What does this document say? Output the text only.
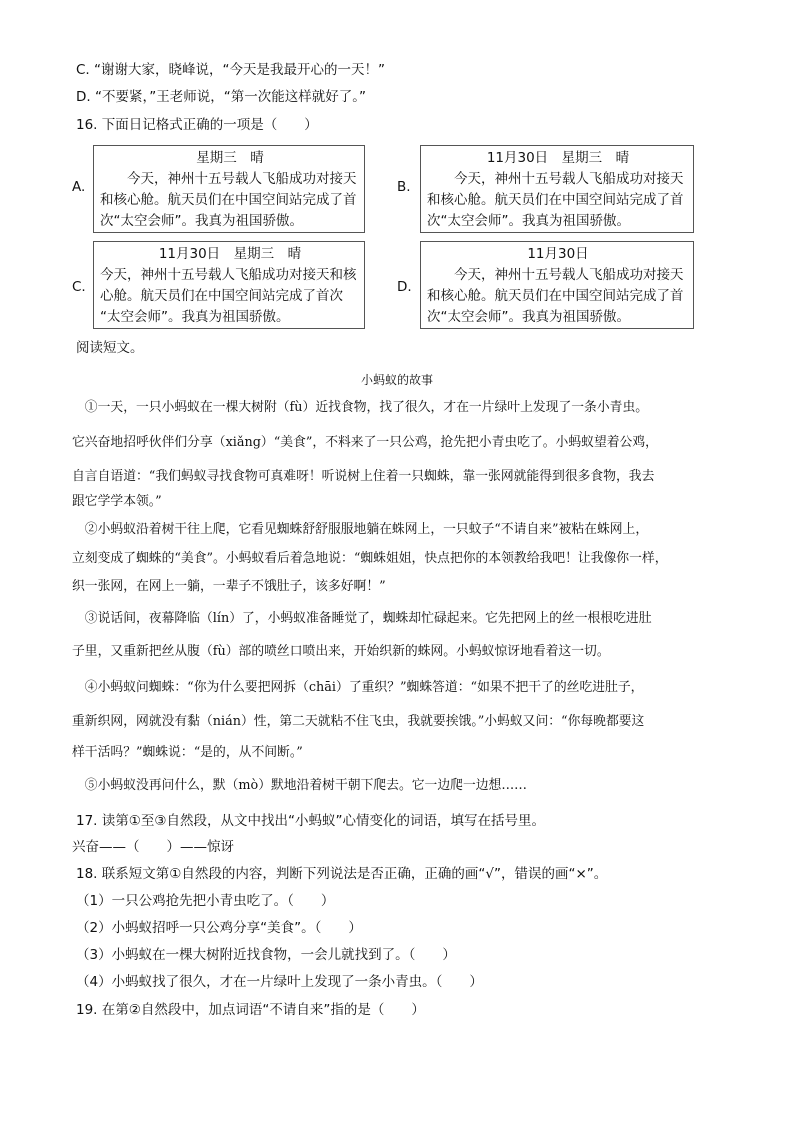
C. “谢谢大家，晓峰说，“今天是我最开心的一天！”
D. “不要紧，”王老师说，“第一次能这样就好了。”
16. 下面日记格式正确的一项是（　　）
A.
星期三　晴
　　今天，神州十五号载人飞船成功对接天
和核心舱。航天员们在中国空间站完成了首
次“太空会师”。我真为祖国骄傲。
B.
11月30日　星期三　晴
　　今天，神州十五号载人飞船成功对接天
和核心舱。航天员们在中国空间站完成了首
次“太空会师”。我真为祖国骄傲。
C.
11月30日　星期三　晴
今天，神州十五号载人飞船成功对接天和核
心舱。航天员们在中国空间站完成了首次
“太空会师”。我真为祖国骄傲。
D.
11月30日
　　今天，神州十五号载人飞船成功对接天
和核心舱。航天员们在中国空间站完成了首
次“太空会师”。我真为祖国骄傲。
阅读短文。
小蚂蚁的故事
　①一天，一只小蚂蚁在一棵大树附（fù）近找食物，找了很久，才在一片绿叶上发现了一条小青虫。
它兴奋地招呼伙伴们分享（xiǎng）“美食”，不料来了一只公鸡，抢先把小青虫吃了。小蚂蚁望着公鸡，
自言自语道：“我们蚂蚁寻找食物可真难呀！听说树上住着一只蜘蛛，靠一张网就能得到很多食物，我去
跟它学学本领。”
　②小蚂蚁沿着树干往上爬，它看见蜘蛛舒舒服服地躺在蛛网上，一只蚊子“不请自来”被粘在蛛网上，
立刻变成了蜘蛛的“美食”。小蚂蚁看后着急地说：“蜘蛛姐姐，快点把你的本领教给我吧！让我像你一样，
织一张网，在网上一躺，一辈子不饿肚子，该多好啊！”
　③说话间，夜幕降临（lín）了，小蚂蚁准备睡觉了，蜘蛛却忙碌起来。它先把网上的丝一根根吃进肚
子里，又重新把丝从腹（fù）部的喷丝口喷出来，开始织新的蛛网。小蚂蚁惊讶地看着这一切。
　④小蚂蚁问蜘蛛：“你为什么要把网拆（chāi）了重织？”蜘蛛答道：“如果不把干了的丝吃进肚子，
重新织网，网就没有黏（nián）性，第二天就粘不住飞虫，我就要挨饿。”小蚂蚁又问：“你每晚都要这
样干活吗？”蜘蛛说：“是的，从不间断。”
　⑤小蚂蚁没再问什么，默（mò）默地沿着树干朝下爬去。它一边爬一边想……
17. 读第①至③自然段，从文中找出“小蚂蚁”心情变化的词语，填写在括号里。
兴奋——（　　）——惊讶
18. 联系短文第①自然段的内容，判断下列说法是否正确，正确的画“√”，错误的画“×”。
（1）一只公鸡抢先把小青虫吃了。（　　）
（2）小蚂蚁招呼一只公鸡分享“美食”。（　　）
（3）小蚂蚁在一棵大树附近找食物，一会儿就找到了。（　　）
（4）小蚂蚁找了很久，才在一片绿叶上发现了一条小青虫。（　　）
19. 在第②自然段中，加点词语“不请自来”指的是（　　）
